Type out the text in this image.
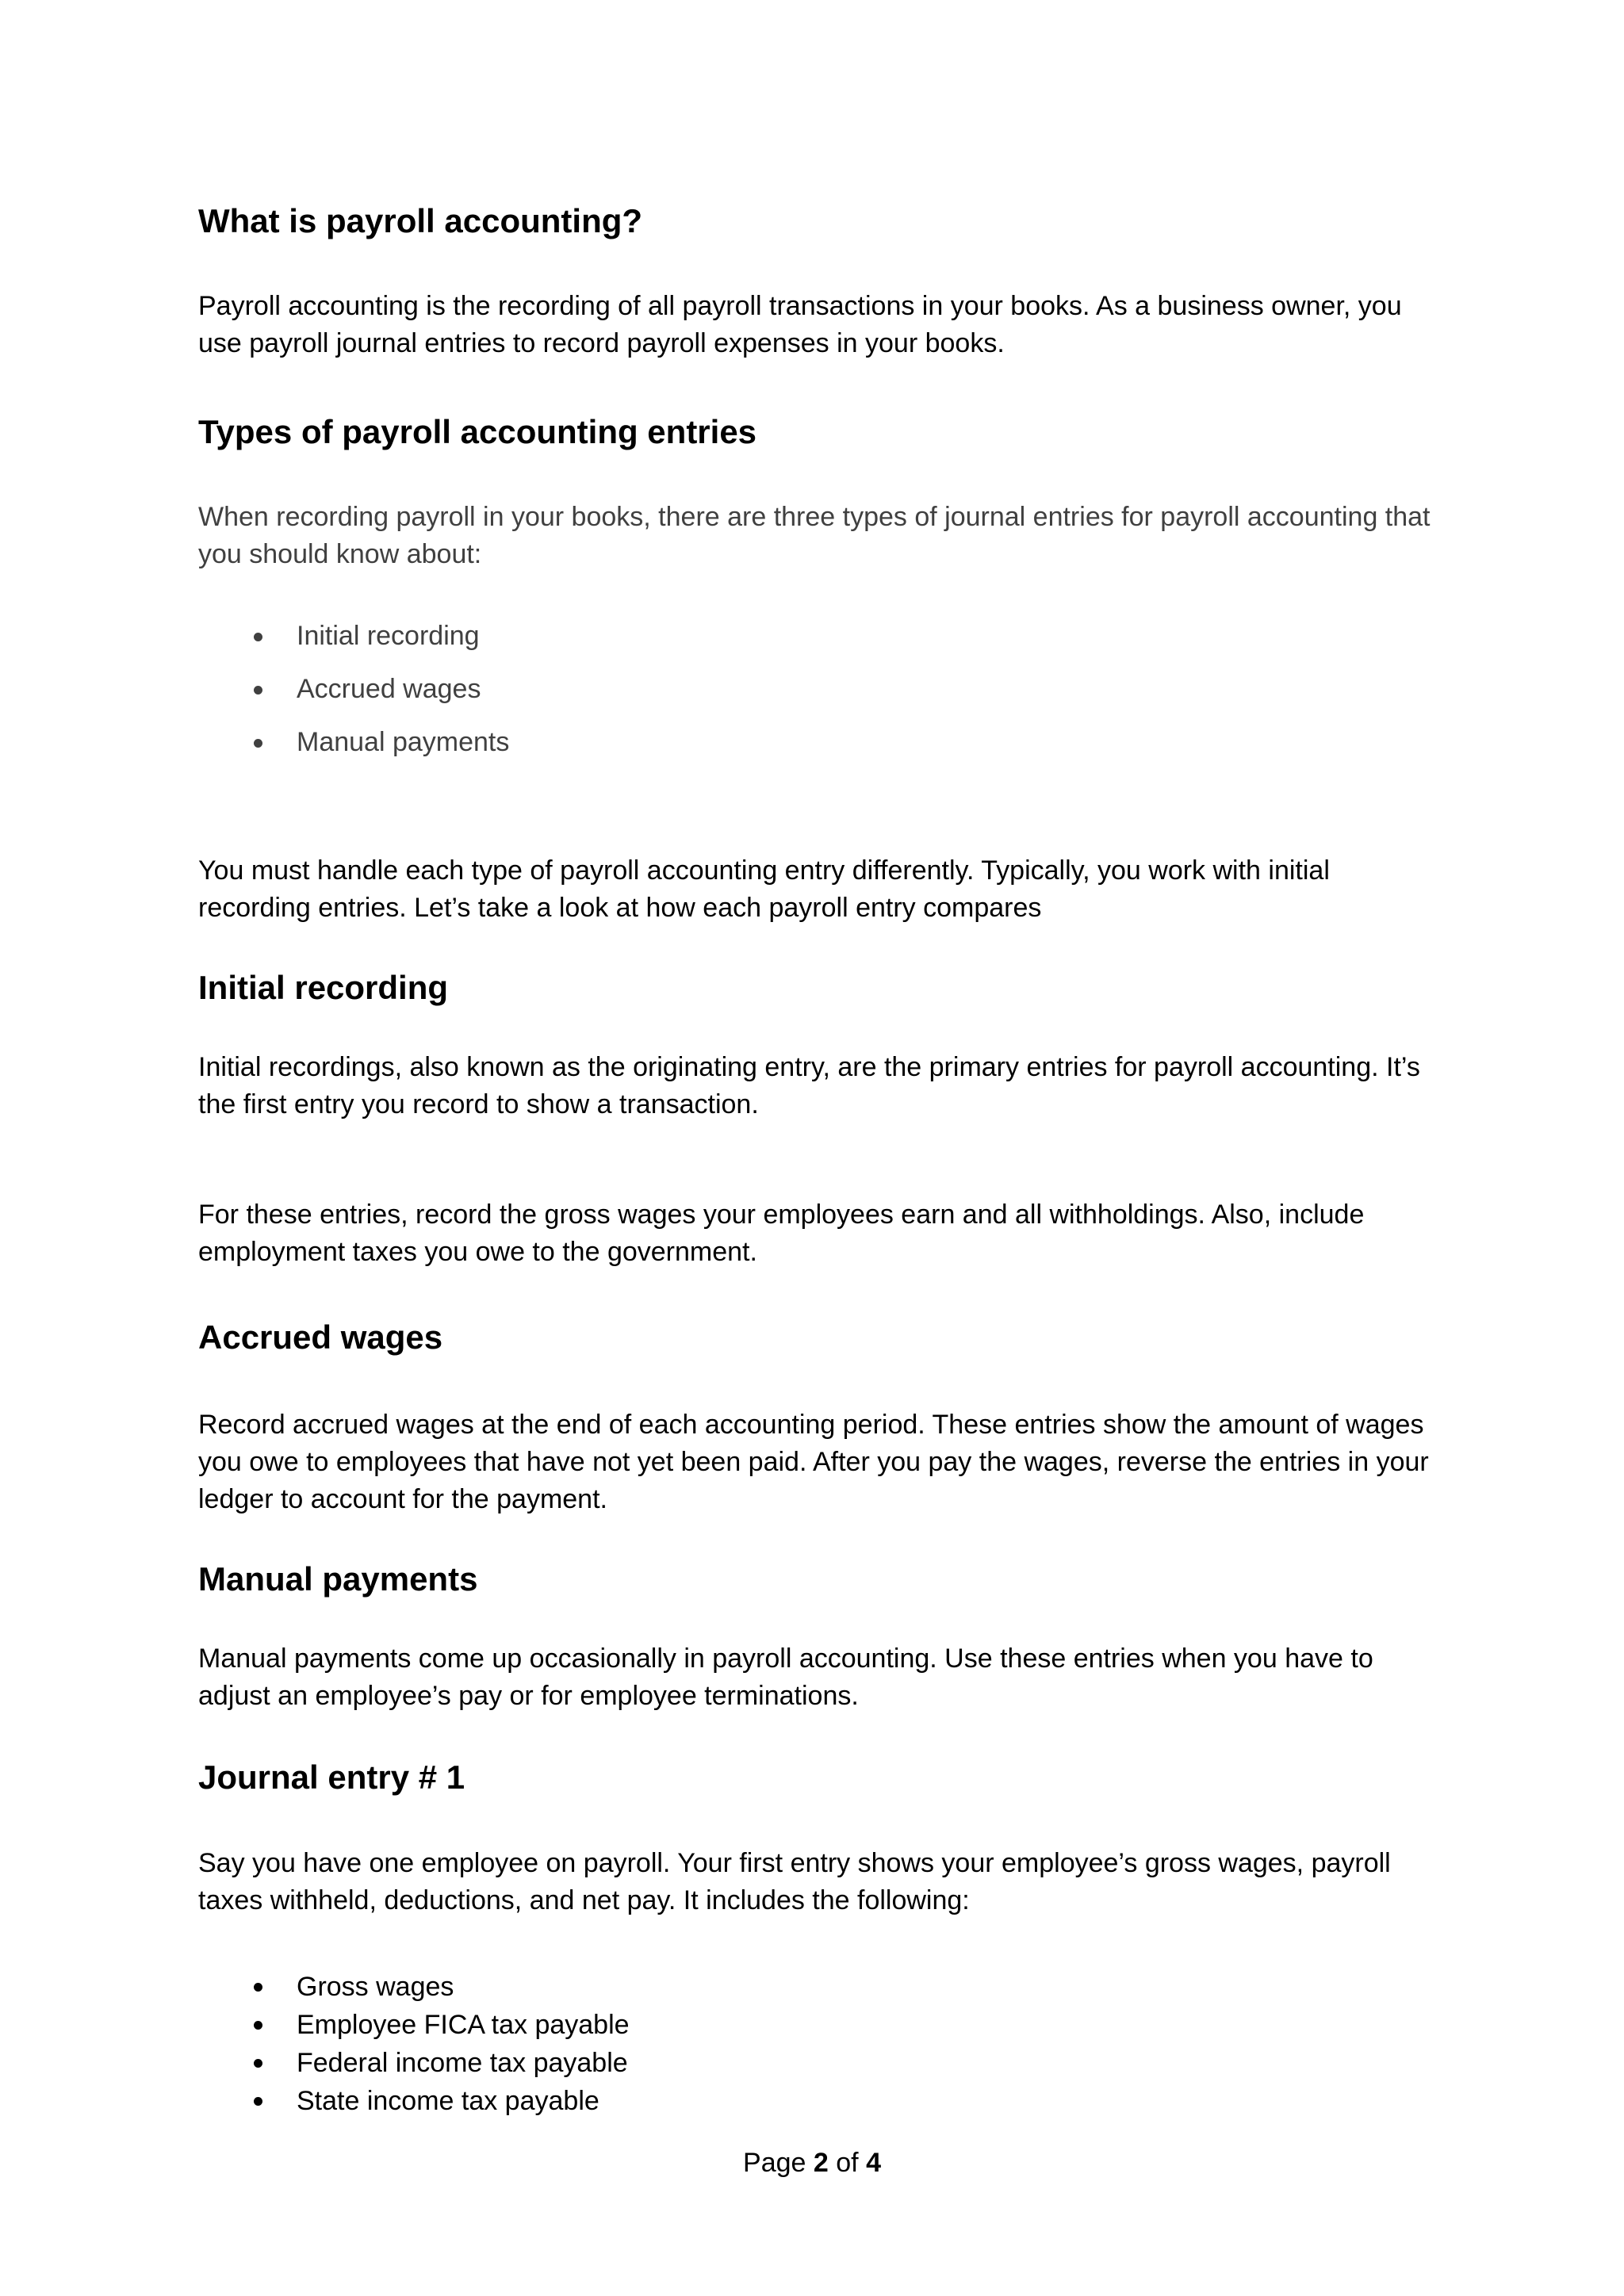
What is payroll accounting?

Payroll accounting is the recording of all payroll transactions in your books. As a business owner, you use payroll journal entries to record payroll expenses in your books.

Types of payroll accounting entries

When recording payroll in your books, there are three types of journal entries for payroll accounting that you should know about:

Initial recording
Accrued wages
Manual payments

You must handle each type of payroll accounting entry differently. Typically, you work with initial recording entries. Let’s take a look at how each payroll entry compares

Initial recording

Initial recordings, also known as the originating entry, are the primary entries for payroll accounting. It’s the first entry you record to show a transaction.

For these entries, record the gross wages your employees earn and all withholdings. Also, include employment taxes you owe to the government.

Accrued wages

Record accrued wages at the end of each accounting period. These entries show the amount of wages you owe to employees that have not yet been paid. After you pay the wages, reverse the entries in your ledger to account for the payment.

Manual payments

Manual payments come up occasionally in payroll accounting. Use these entries when you have to adjust an employee’s pay or for employee terminations.

Journal entry # 1

Say you have one employee on payroll. Your first entry shows your employee’s gross wages, payroll taxes withheld, deductions, and net pay. It includes the following:

Gross wages
Employee FICA tax payable
Federal income tax payable
State income tax payable
Page 2 of 4
